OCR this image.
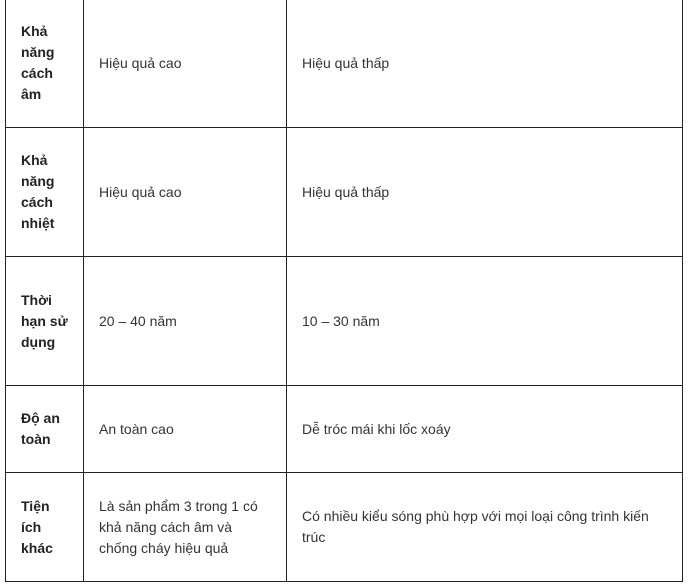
Khả năng cách âm	Hiệu quả cao	Hiệu quả thấp
Khả năng cách nhiệt	Hiệu quả cao	Hiệu quả thấp
Thời hạn sử dụng	20 – 40 năm	10 – 30 năm
Độ an toàn	An toàn cao	Dễ tróc mái khi lốc xoáy
Tiện ích khác	Là sản phẩm 3 trong 1 có khả năng cách âm và chống cháy hiệu quả	Có nhiều kiểu sóng phù hợp với mọi loại công trình kiến trúc
